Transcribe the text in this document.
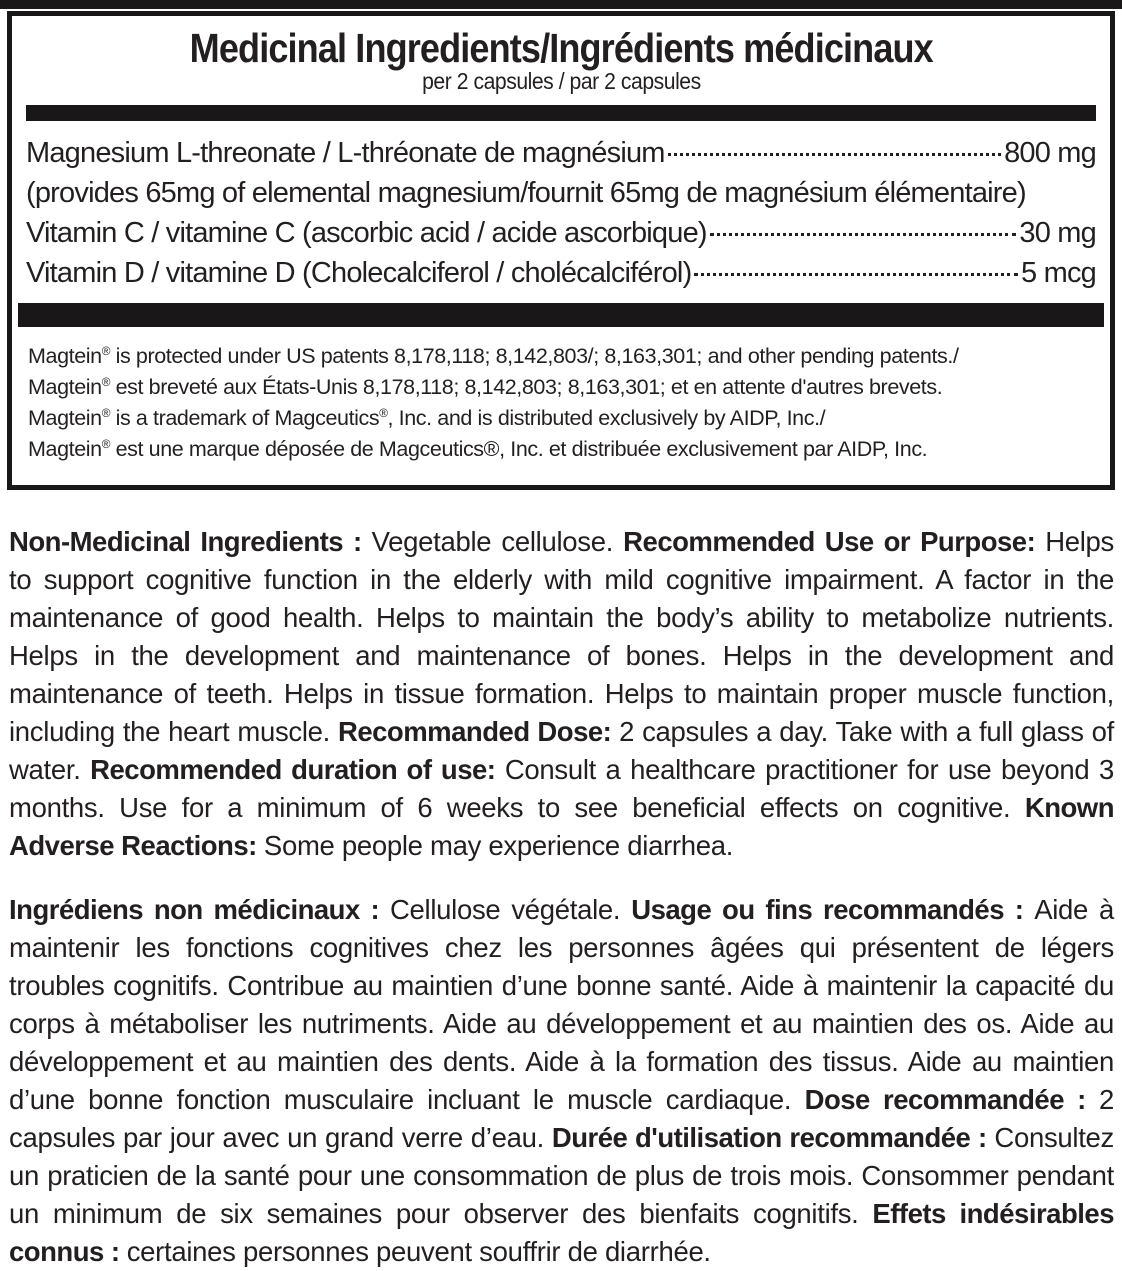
Medicinal Ingredients/Ingrédients médicinaux
per 2 capsules / par 2 capsules
Magnesium L-threonate / L-thréonate de magnésium	800 mg
(provides 65mg of elemental magnesium/fournit 65mg de magnésium élémentaire)
Vitamin C / vitamine C (ascorbic acid / acide ascorbique)	30 mg
Vitamin D / vitamine D (Cholecalciferol / cholécalciférol)	5 mcg
Magtein® is protected under US patents 8,178,118; 8,142,803/; 8,163,301; and other pending patents./
Magtein® est breveté aux États-Unis 8,178,118; 8,142,803; 8,163,301; et en attente d'autres brevets.
Magtein® is a trademark of Magceutics®, Inc. and is distributed exclusively by AIDP, Inc./
Magtein® est une marque déposée de Magceutics®, Inc. et distribuée exclusivement par AIDP, Inc.

Non-Medicinal Ingredients : Vegetable cellulose. Recommended Use or Purpose: Helps to support cognitive function in the elderly with mild cognitive impairment. A factor in the maintenance of good health. Helps to maintain the body’s ability to metabolize nutrients. Helps in the development and maintenance of bones. Helps in the development and maintenance of teeth. Helps in tissue formation. Helps to maintain proper muscle function, including the heart muscle. Recommanded Dose: 2 capsules a day. Take with a full glass of water. Recommended duration of use: Consult a healthcare practitioner for use beyond 3 months. Use for a minimum of 6 weeks to see beneficial effects on cognitive. Known Adverse Reactions: Some people may experience diarrhea.

Ingrédiens non médicinaux : Cellulose végétale. Usage ou fins recommandés : Aide à maintenir les fonctions cognitives chez les personnes âgées qui présentent de légers troubles cognitifs. Contribue au maintien d’une bonne santé. Aide à maintenir la capacité du corps à métaboliser les nutriments. Aide au développement et au maintien des os. Aide au développement et au maintien des dents. Aide à la formation des tissus. Aide au maintien d’une bonne fonction musculaire incluant le muscle cardiaque. Dose recommandée : 2 capsules par jour avec un grand verre d’eau. Durée d'utilisation recommandée : Consultez un praticien de la santé pour une consommation de plus de trois mois. Consommer pendant un minimum de six semaines pour observer des bienfaits cognitifs. Effets indésirables connus : certaines personnes peuvent souffrir de diarrhée.
